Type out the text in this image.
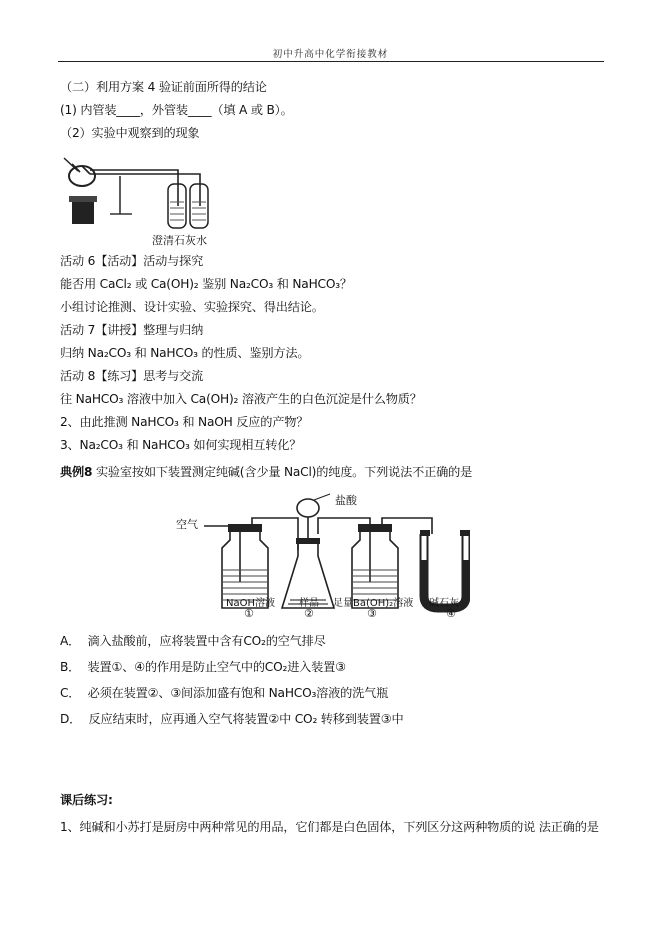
初中升高中化学衔接教材
（二）利用方案 4 验证前面所得的结论
(1) 内管装____，外管装____（填 A 或 B）。
（2）实验中观察到的现象
澄清石灰水
活动 6【活动】活动与探究
能否用 CaCl₂ 或 Ca(OH)₂ 鉴别 Na₂CO₃ 和 NaHCO₃？
小组讨论推测、设计实验、实验探究、得出结论。
活动 7【讲授】整理与归纳
归纳 Na₂CO₃ 和 NaHCO₃ 的性质、鉴别方法。
活动 8【练习】思考与交流
往 NaHCO₃ 溶液中加入 Ca(OH)₂ 溶液产生的白色沉淀是什么物质？
2、由此推测 NaHCO₃ 和 NaOH 反应的产物？
3、Na₂CO₃ 和 NaHCO₃ 如何实现相互转化？
典例8 实验室按如下装置测定纯碱(含少量 NaCl)的纯度。下列说法不正确的是
空气
盐酸
NaOH溶液 样品 足量Ba(OH)₂溶液 碱石灰
①	②	③	④
A． 滴入盐酸前，应将装置中含有CO₂的空气排尽
B． 装置①、④的作用是防止空气中的CO₂进入装置③
C． 必须在装置②、③间添加盛有饱和 NaHCO₃溶液的洗气瓶
D． 反应结束时，应再通入空气将装置②中 CO₂ 转移到装置③中
课后练习:
1、纯碱和小苏打是厨房中两种常见的用品，它们都是白色固体，下列区分这两种物质的说 法正确的是
